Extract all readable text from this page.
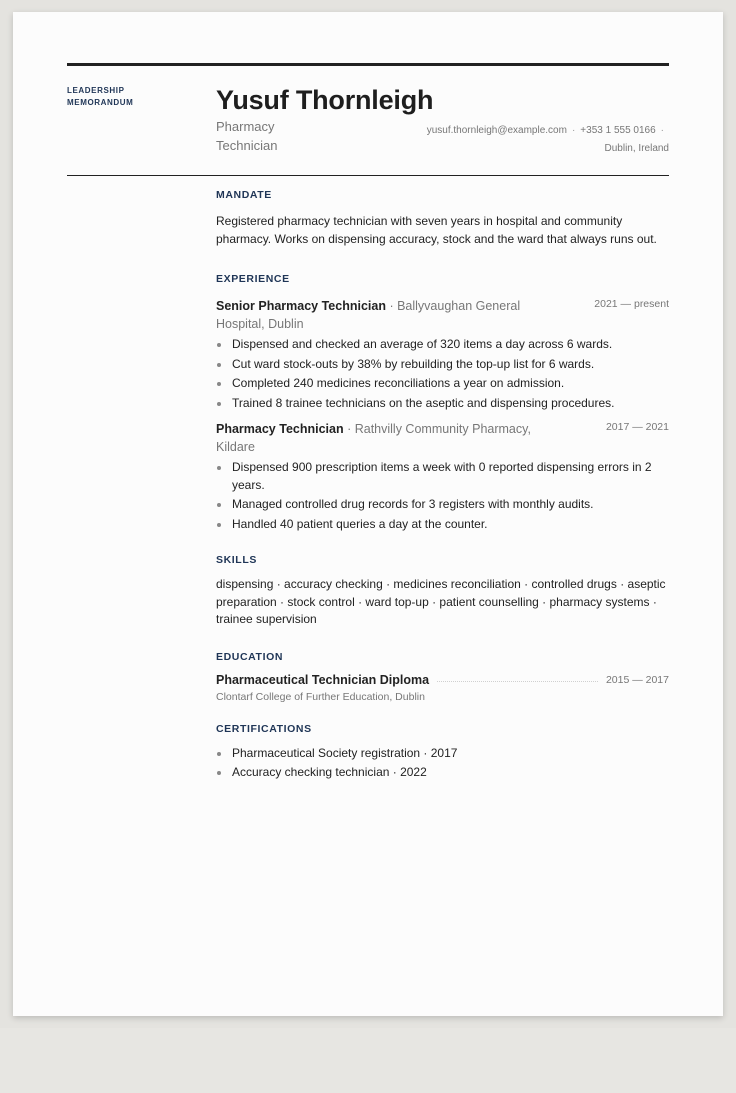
LEADERSHIP MEMORANDUM	Yusuf Thornleigh
Pharmacy Technician
yusuf.thornleigh@example.com · +353 1 555 0166 ·
Dublin, Ireland
MANDATE

Registered pharmacy technician with seven years in hospital and community pharmacy. Works on dispensing accuracy, stock and the ward that always runs out.

EXPERIENCE
Senior Pharmacy Technician · Ballyvaughan General Hospital, Dublin
2021 — present
Dispensed and checked an average of 320 items a day across 6 wards.
Cut ward stock-outs by 38% by rebuilding the top-up list for 6 wards.
Completed 240 medicines reconciliations a year on admission.
Trained 8 trainee technicians on the aseptic and dispensing procedures.
Pharmacy Technician · Rathvilly Community Pharmacy, Kildare
2017 — 2021
Dispensed 900 prescription items a week with 0 reported dispensing errors in 2 years.
Managed controlled drug records for 3 registers with monthly audits.
Handled 40 patient queries a day at the counter.
SKILLS

dispensing · accuracy checking · medicines reconciliation · controlled drugs · aseptic preparation · stock control · ward top-up · patient counselling · pharmacy systems · trainee supervision

EDUCATION
Pharmaceutical Technician Diploma	2015 — 2017
Clontarf College of Further Education, Dublin
CERTIFICATIONS
Pharmaceutical Society registration · 2017
Accuracy checking technician · 2022
